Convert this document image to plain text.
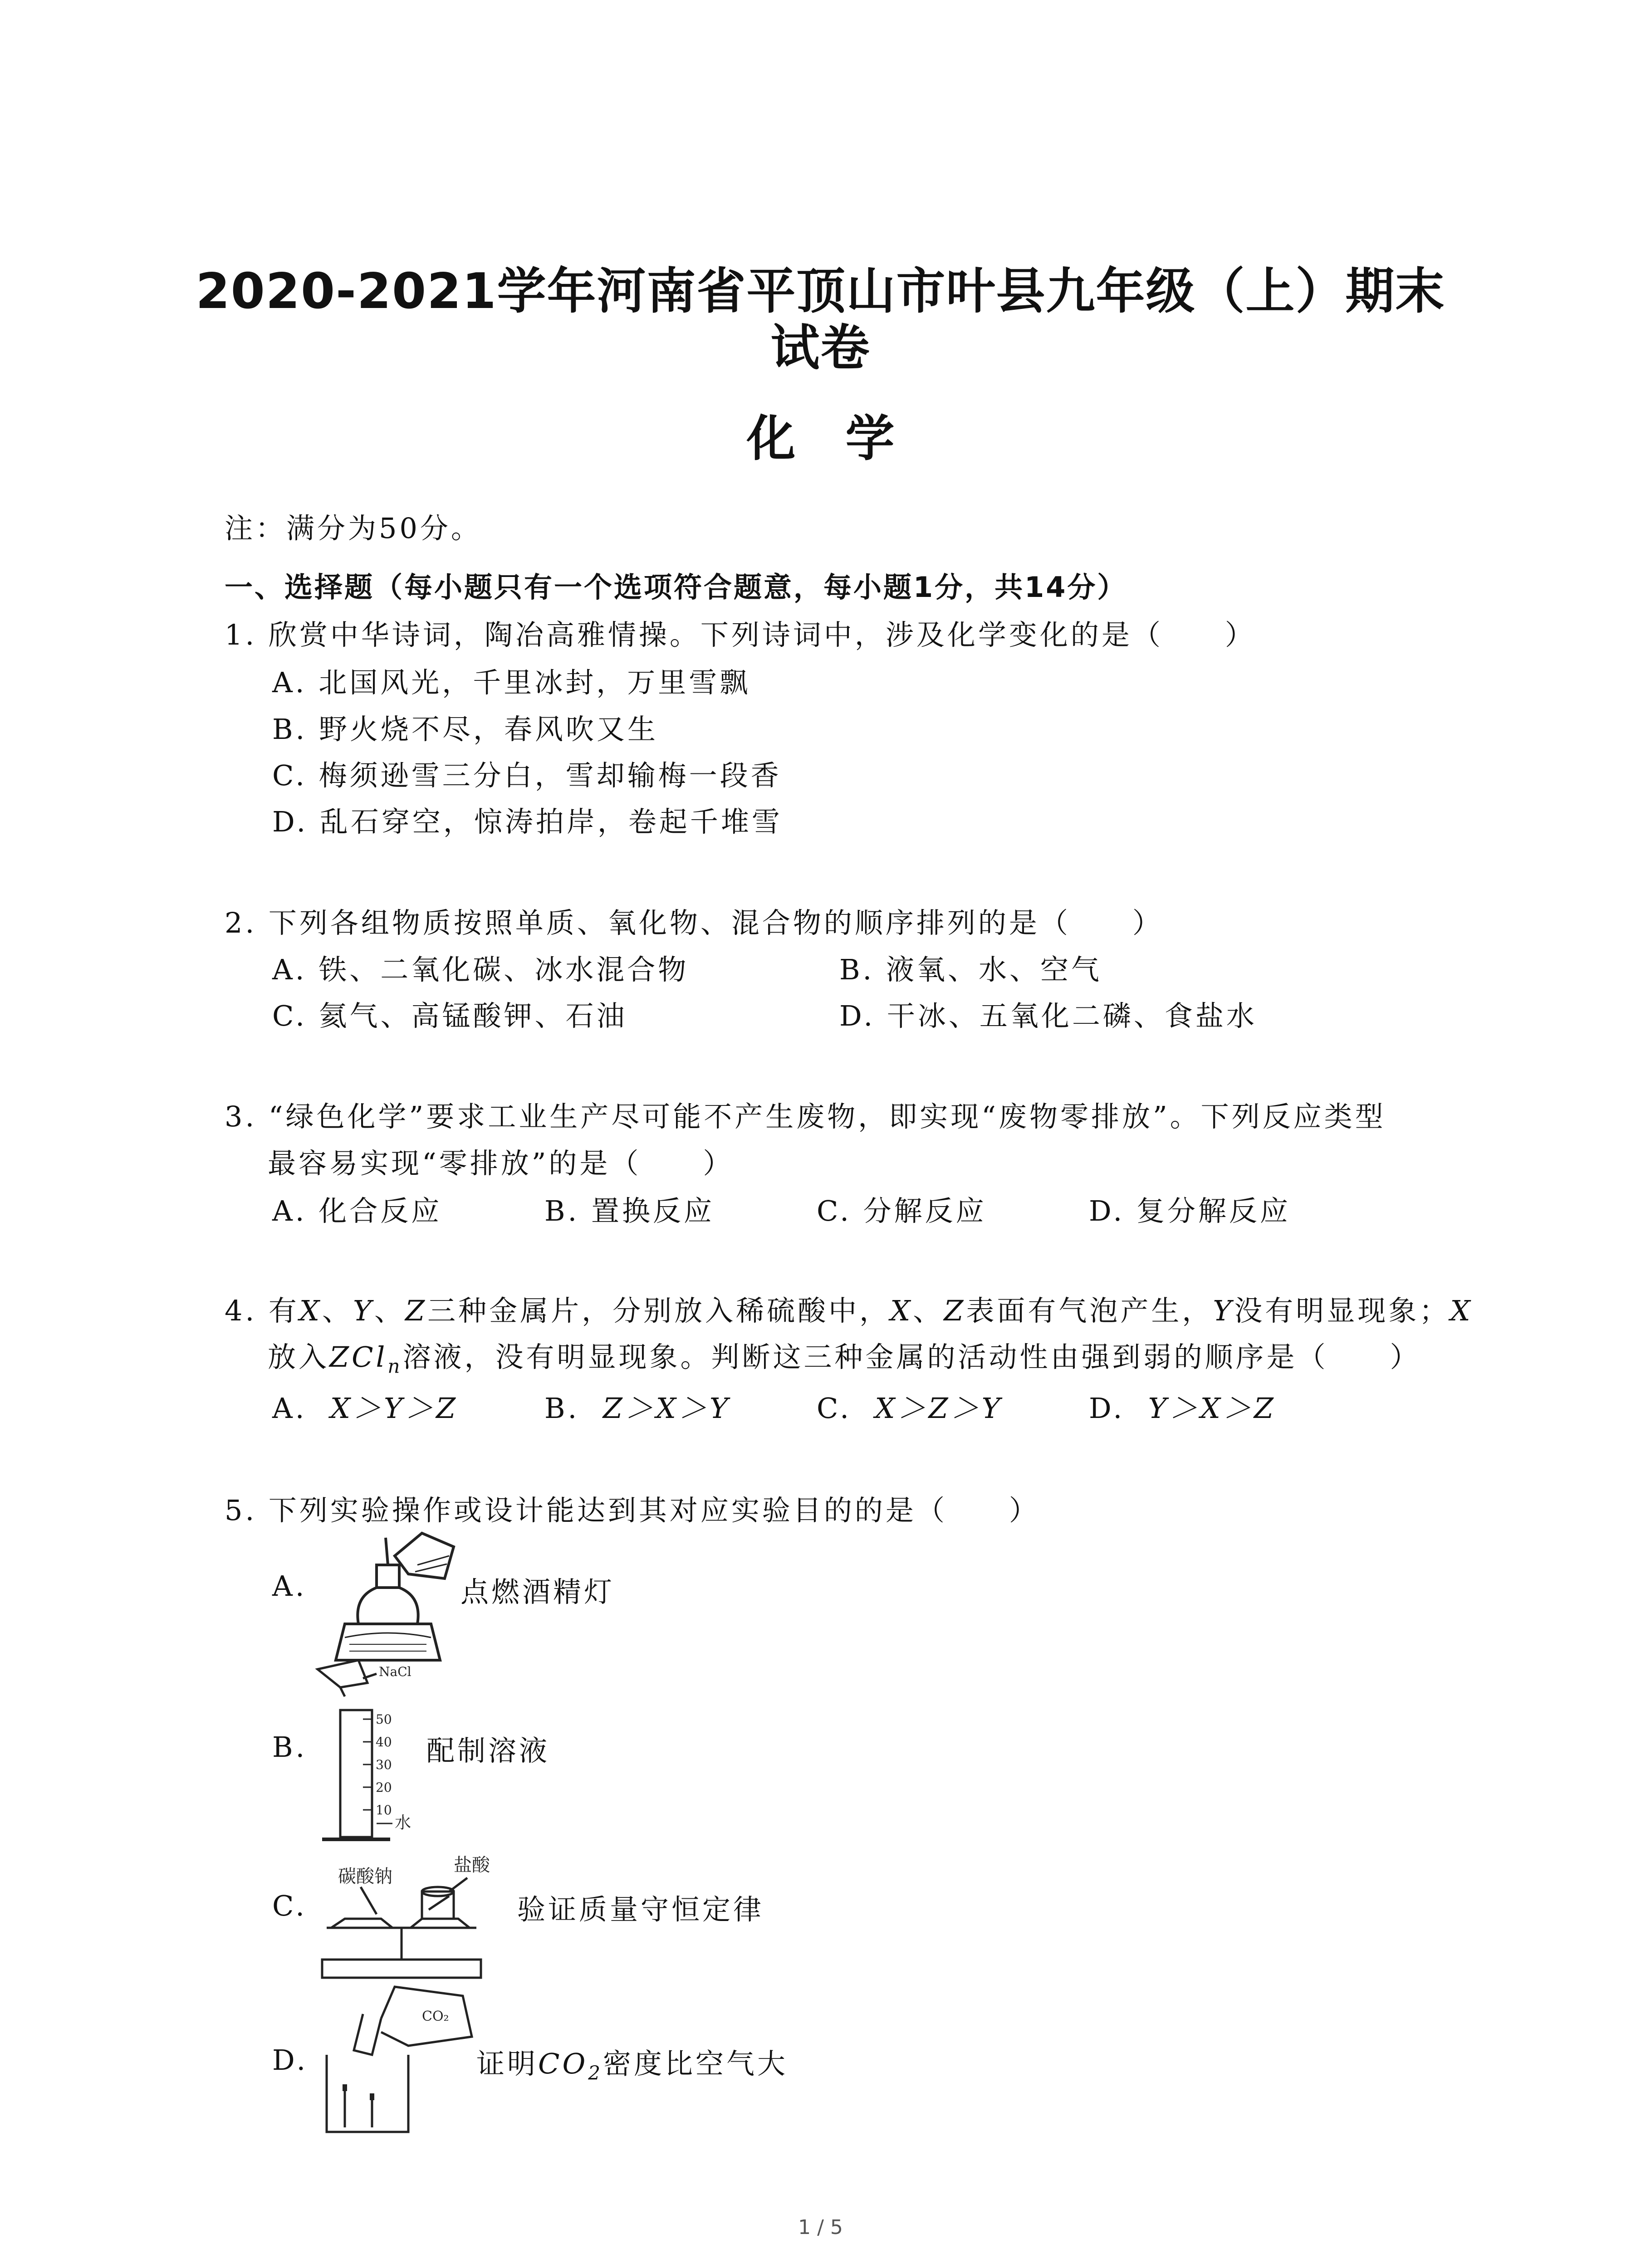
2020-2021学年河南省平顶山市叶县九年级（上）期末
试卷
化学
注：满分为50分。
一、选择题（每小题只有一个选项符合题意，每小题1分，共14分）
1. 欣赏中华诗词，陶冶高雅情操。下列诗词中，涉及化学变化的是（　　）
A. 北国风光，千里冰封，万里雪飘
B. 野火烧不尽，春风吹又生
C. 梅须逊雪三分白，雪却输梅一段香
D. 乱石穿空，惊涛拍岸，卷起千堆雪
2. 下列各组物质按照单质、氧化物、混合物的顺序排列的是（　　）
A. 铁、二氧化碳、冰水混合物	B. 液氧、水、空气
C. 氦气、高锰酸钾、石油	D. 干冰、五氧化二磷、食盐水
3. “绿色化学”要求工业生产尽可能不产生废物，即实现“废物零排放”。下列反应类型
最容易实现“零排放”的是（　　）
A. 化合反应	B. 置换反应	C. 分解反应	D. 复分解反应
4. 有X、Y、Z三种金属片，分别放入稀硫酸中，X、Z表面有气泡产生，Y没有明显现象；X
放入ZCl$_n$溶液，没有明显现象。判断这三种金属的活动性由强到弱的顺序是（　　）
A. X＞Y＞Z	B. Z＞X＞Y	C. X＞Z＞Y	D. Y＞X＞Z
5. 下列实验操作或设计能达到其对应实验目的的是（　　）
A.	点燃酒精灯
B.
NaCl
50
40
30
20
10
水
配制溶液
C.
碳酸钠
盐酸
验证质量守恒定律
D.
CO₂
证明$CO_2$密度比空气大
1 / 5
